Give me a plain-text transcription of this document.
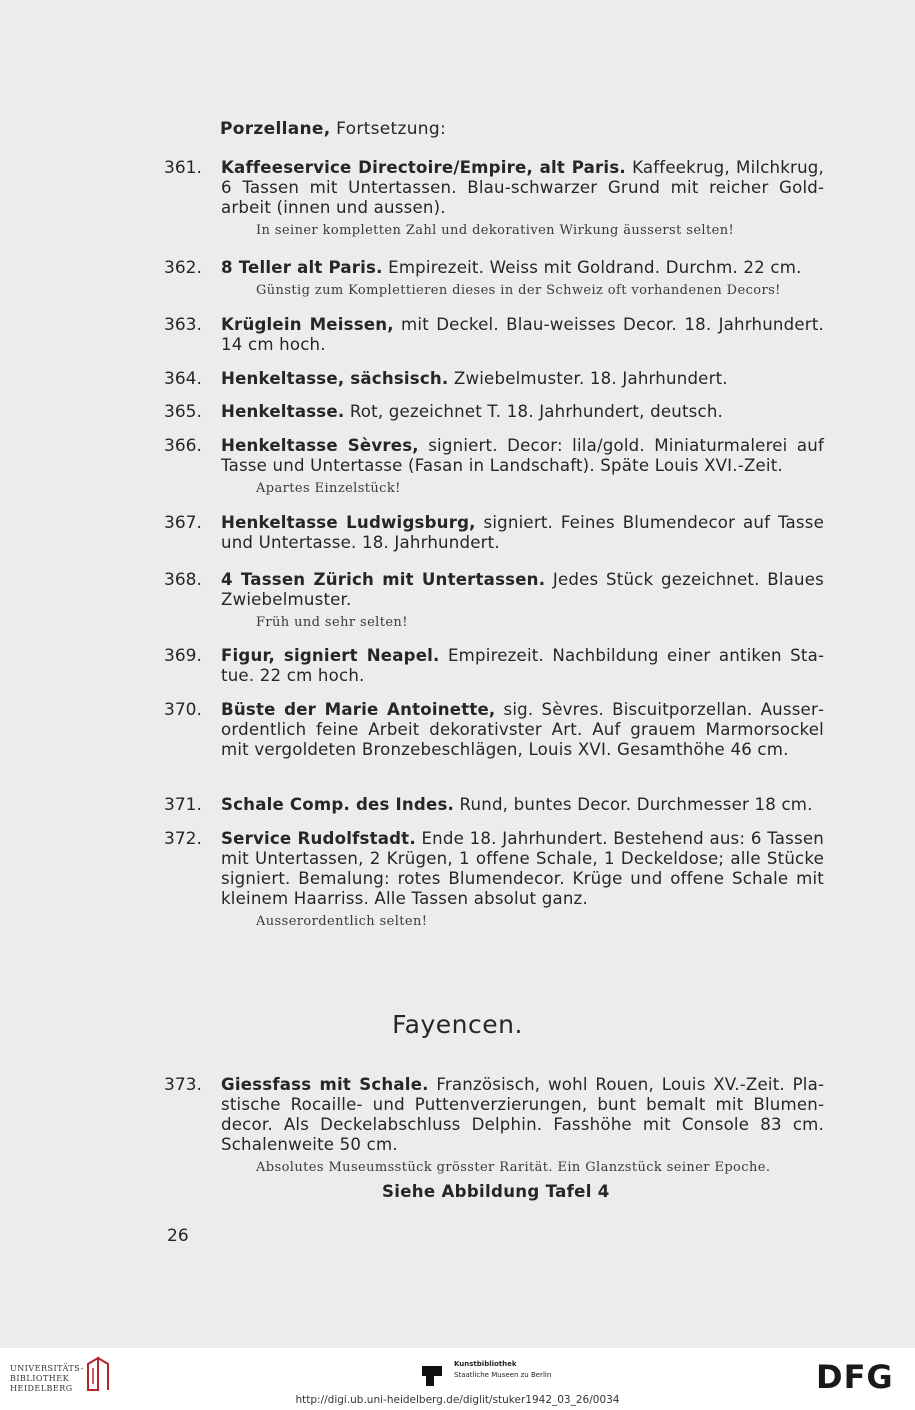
Porzellane, Fortsetzung:
361. Kaffeeservice Directoire/Empire, alt Paris. Kaffeekrug, Milchkrug, 6 Tassen mit Untertassen. Blau-schwarzer Grund mit reicher Goldarbeit (innen und aussen).
In seiner kompletten Zahl und dekorativen Wirkung äusserst selten!
362. 8 Teller alt Paris. Empirezeit. Weiss mit Goldrand. Durchm. 22 cm.
Günstig zum Komplettieren dieses in der Schweiz oft vorhandenen Decors!
363. Krüglein Meissen, mit Deckel. Blau-weisses Decor. 18. Jahrhundert. 14 cm hoch.
364. Henkeltasse, sächsisch. Zwiebelmuster. 18. Jahrhundert.
365. Henkeltasse. Rot, gezeichnet T. 18. Jahrhundert, deutsch.
366. Henkeltasse Sèvres, signiert. Decor: lila/gold. Miniaturmalerei auf Tasse und Untertasse (Fasan in Landschaft). Späte Louis XVI.-Zeit.
Apartes Einzelstück!
367. Henkeltasse Ludwigsburg, signiert. Feines Blumendecor auf Tasse und Untertasse. 18. Jahrhundert.
368. 4 Tassen Zürich mit Untertassen. Jedes Stück gezeichnet. Blaues Zwiebelmuster.
Früh und sehr selten!
369. Figur, signiert Neapel. Empirezeit. Nachbildung einer antiken Statue. 22 cm hoch.
370. Büste der Marie Antoinette, sig. Sèvres. Biscuitporzellan. Ausserordentlich feine Arbeit dekorativster Art. Auf grauem Marmorsockel mit vergoldeten Bronzebeschlägen, Louis XVI. Gesamthöhe 46 cm.
371. Schale Comp. des Indes. Rund, buntes Decor. Durchmesser 18 cm.
372. Service Rudolfstadt. Ende 18. Jahrhundert. Bestehend aus: 6 Tassen mit Untertassen, 2 Krügen, 1 offene Schale, 1 Deckeldose; alle Stücke signiert. Bemalung: rotes Blumendecor. Krüge und offene Schale mit kleinem Haarriss. Alle Tassen absolut ganz.
Ausserordentlich selten!
Fayencen.
373. Giessfass mit Schale. Französisch, wohl Rouen, Louis XV.-Zeit. Plastische Rocaille- und Puttenverzierungen, bunt bemalt mit Blumendecor. Als Deckelabschluss Delphin. Fasshöhe mit Console 83 cm. Schalenweite 50 cm.
Absolutes Museumsstück grösster Rarität. Ein Glanzstück seiner Epoche.
Siehe Abbildung Tafel 4
26
UNIVERSITÄTS-BIBLIOTHEK HEIDELBERG
Kunstbibliothek
Staatliche Museen zu Berlin	DFG
http://digi.ub.uni-heidelberg.de/diglit/stuker1942_03_26/0034
